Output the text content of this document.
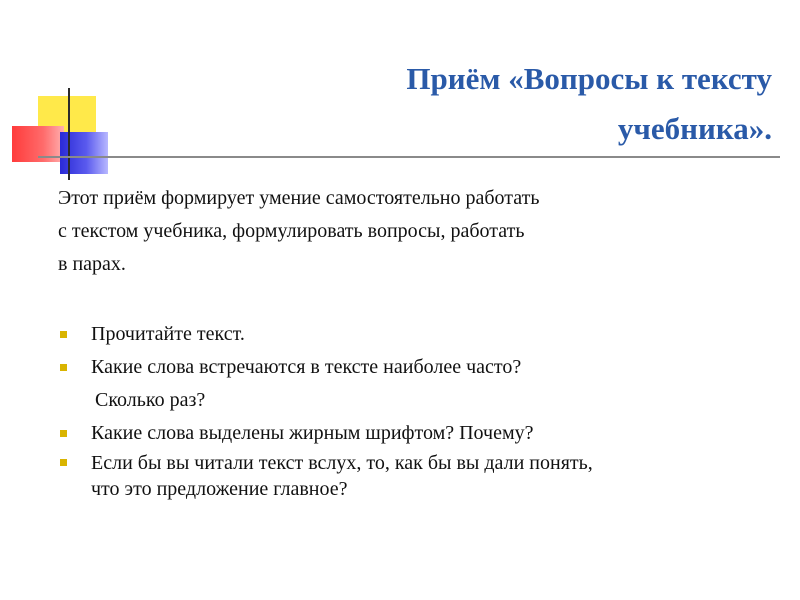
Приём «Вопросы к тексту
учебника».
Этот приём формирует умение самостоятельно работать
с текстом учебника, формулировать вопросы, работать
в парах.
Прочитайте текст.
Какие слова встречаются в тексте наиболее часто?
Сколько раз?
Какие слова выделены жирным шрифтом? Почему?
Если бы вы читали текст вслух, то, как бы вы дали понять,
что это предложение главное?
